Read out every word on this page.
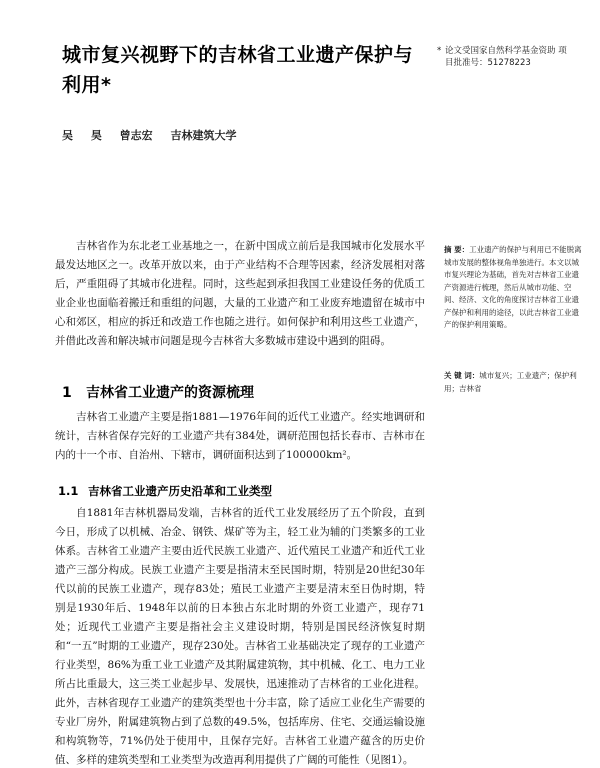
城市复兴视野下的吉林省工业遗产保护与利用*
吴 昊 曾志宏 吉林建筑大学
* 论文受国家自然科学基金资助 项目批准号：51278223
吉林省作为东北老工业基地之一，在新中国成立前后是我国城市化发展水平最发达地区之一。改革开放以来，由于产业结构不合理等因素，经济发展相对落后，严重阻碍了其城市化进程。同时，这些起到承担我国工业建设任务的优质工业企业也面临着搬迁和重组的问题，大量的工业遗产和工业废弃地遗留在城市中心和郊区，相应的拆迁和改造工作也随之进行。如何保护和利用这些工业遗产，并借此改善和解决城市问题是现今吉林省大多数城市建设中遇到的阻碍。
摘 要：工业遗产的保护与利用已不能脱离城市发展的整体视角单独进行。本文以城市复兴理论为基础，首先对吉林省工业遗产资源进行梳理，然后从城市功能、空间、经济、文化的角度探讨吉林省工业遗产保护和利用的途径，以此吉林省工业遗产的保护利用策略。
关 键 词：城市复兴；工业遗产；保护利用；吉林省
1 吉林省工业遗产的资源梳理
吉林省工业遗产主要是指1881—1976年间的近代工业遗产。经实地调研和统计，吉林省保存完好的工业遗产共有384处，调研范围包括长春市、吉林市在内的十一个市、自治州、下辖市，调研面积达到了100000km²。
1.1 吉林省工业遗产历史沿革和工业类型
自1881年吉林机器局发端，吉林省的近代工业发展经历了五个阶段，直到今日，形成了以机械、冶金、钢铁、煤矿等为主，轻工业为辅的门类繁多的工业体系。吉林省工业遗产主要由近代民族工业遗产、近代殖民工业遗产和近代工业遗产三部分构成。民族工业遗产主要是指清末至民国时期，特别是20世纪30年代以前的民族工业遗产，现存83处；殖民工业遗产主要是清末至日伪时期，特别是1930年后、1948年以前的日本独占东北时期的外资工业遗产，现存71处；近现代工业遗产主要是指社会主义建设时期，特别是国民经济恢复时期和“一五”时期的工业遗产，现存230处。吉林省工业基础决定了现存的工业遗产行业类型，86%为重工业工业遗产及其附属建筑物，其中机械、化工、电力工业所占比重最大，这三类工业起步早、发展快，迅速推动了吉林省的工业化进程。此外，吉林省现存工业遗产的建筑类型也十分丰富，除了适应工业化生产需要的专业厂房外，附属建筑物占到了总数的49.5%，包括库房、住宅、交通运输设施和构筑物等，71%仍处于使用中，且保存完好。吉林省工业遗产蕴含的历史价值、多样的建筑类型和工业类型为改造再利用提供了广阔的可能性（见图1）。
